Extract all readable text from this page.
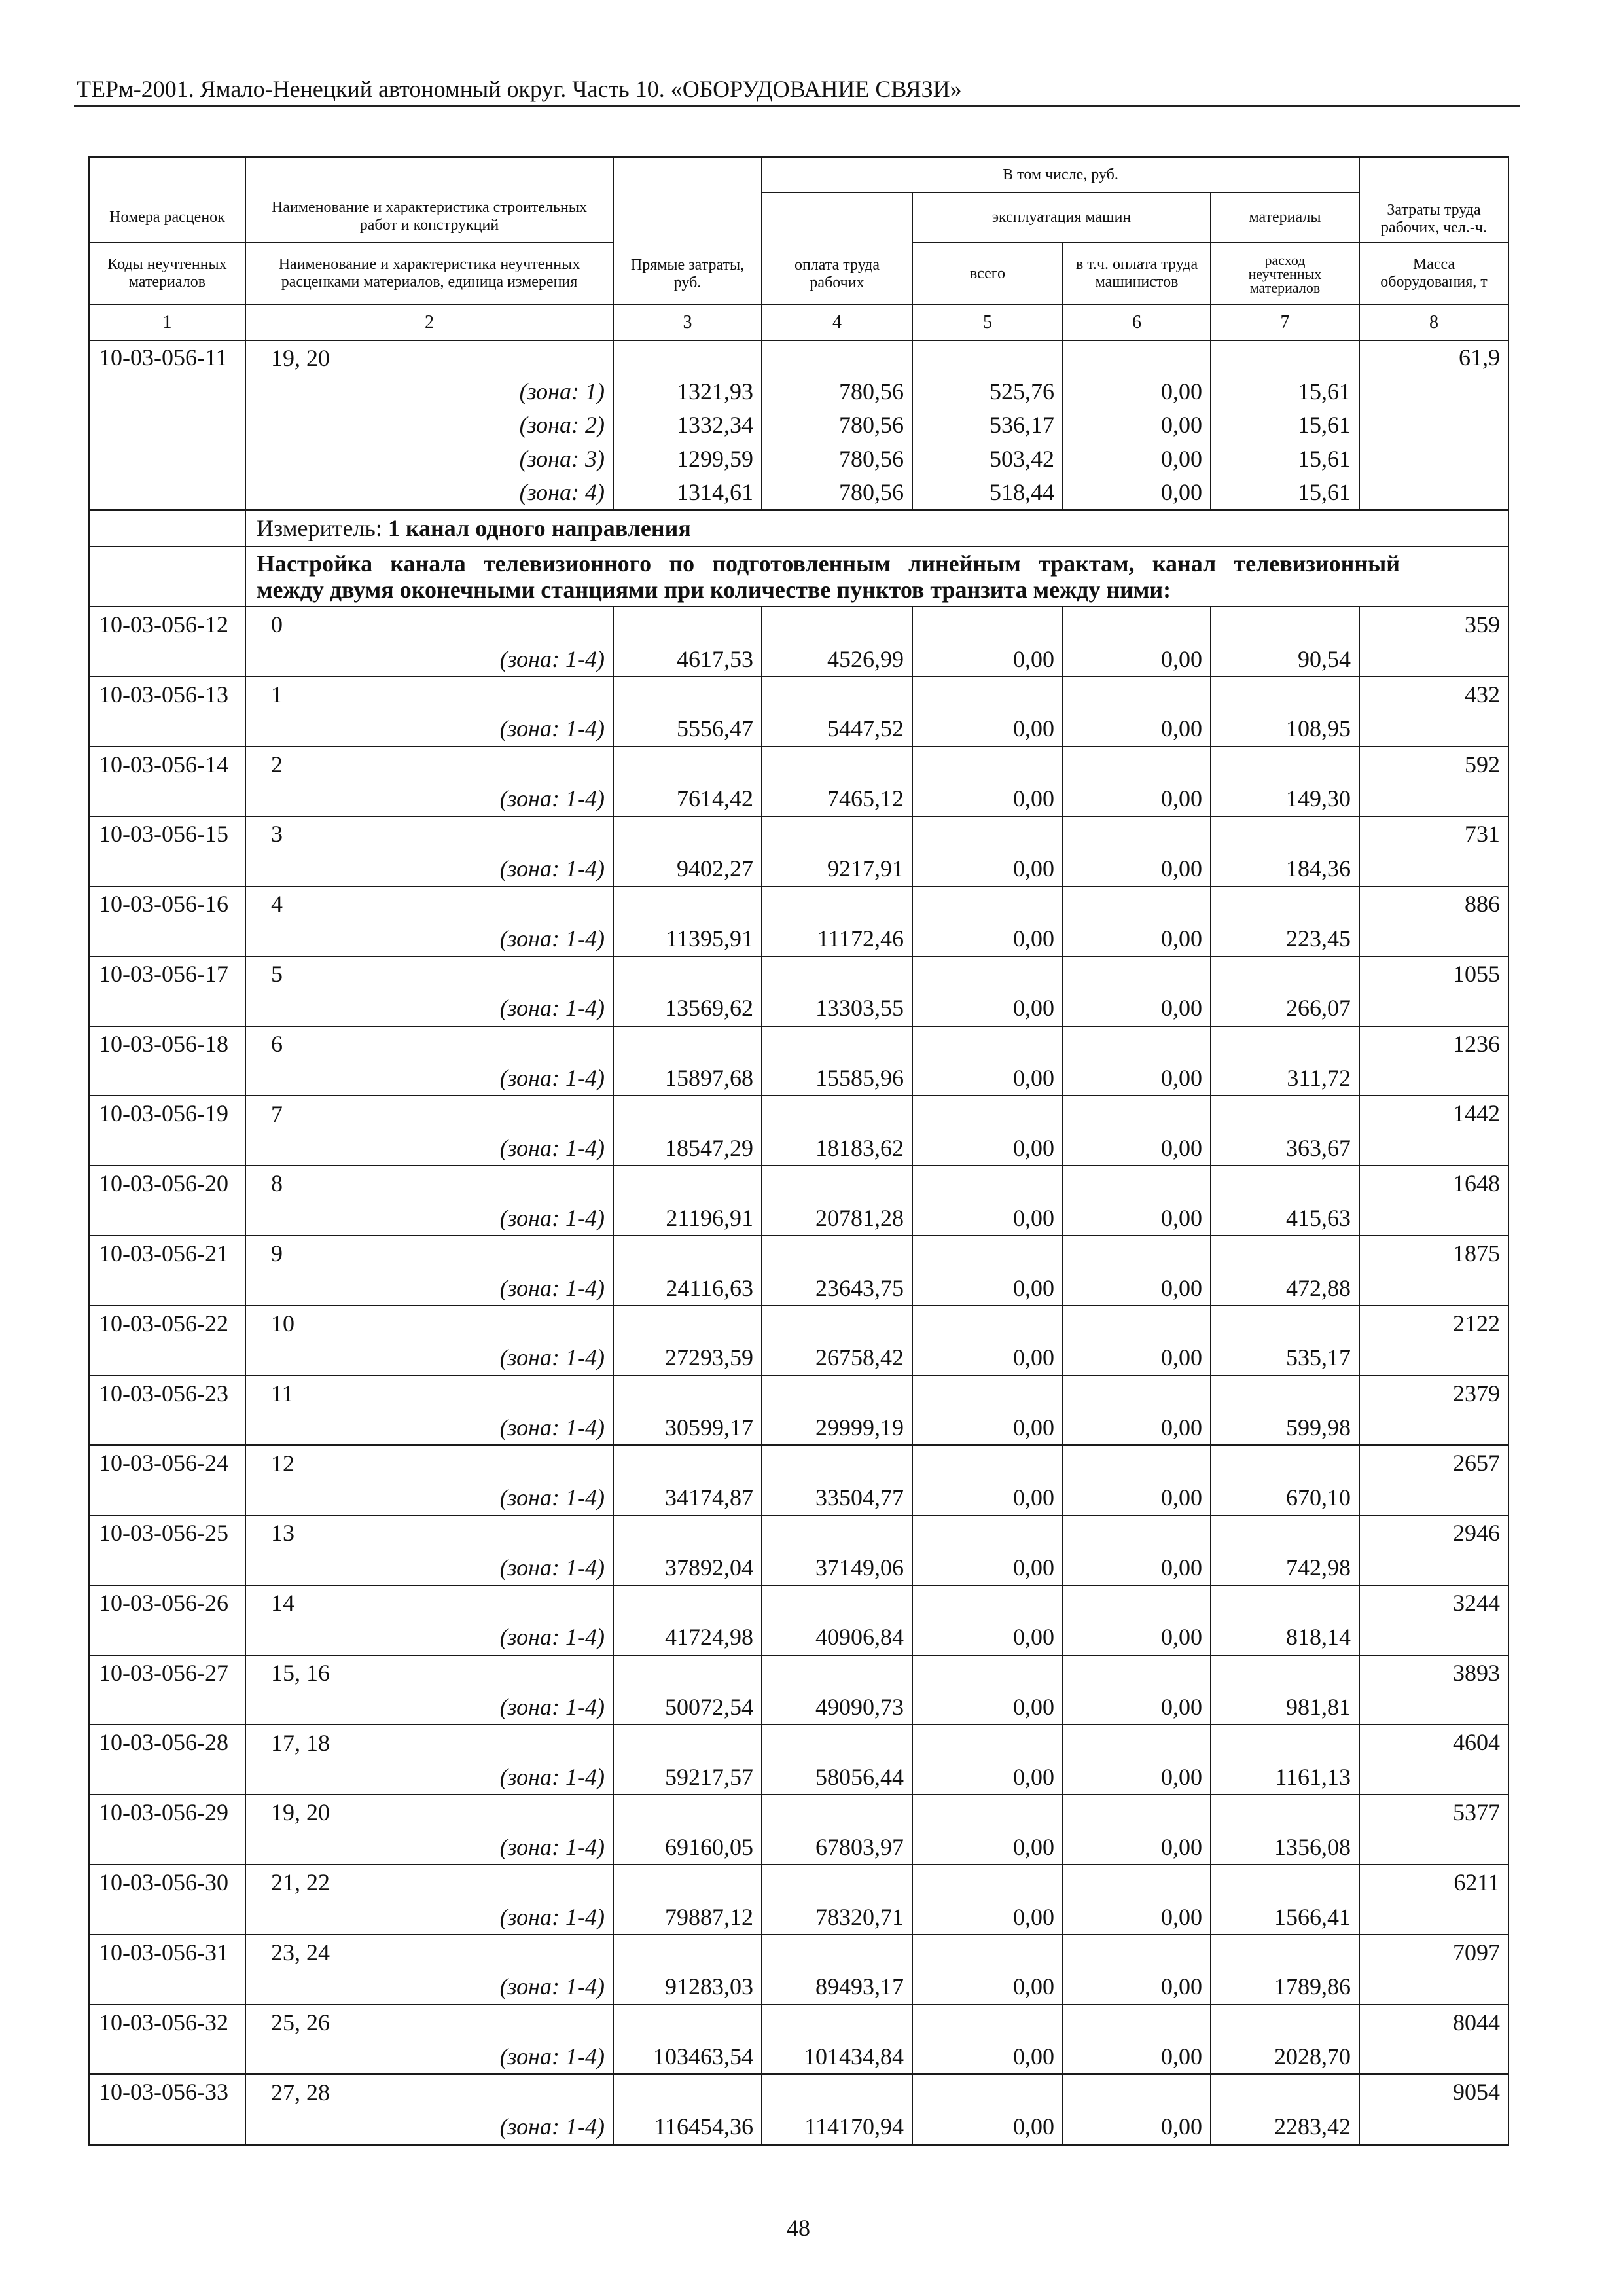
ТЕРм-2001. Ямало-Ненецкий автономный округ. Часть 10. «ОБОРУДОВАНИЕ СВЯЗИ»
Номера расценок	Наименование и характеристика строительных работ и конструкций	Прямые затраты, руб.	В том числе, руб.				Затраты труда рабочих, чел.-ч.
			оплата труда рабочих	эксплуатация машин		материалы	
Коды неучтенных материалов	Наименование и характеристика неучтенных расценками материалов, единица измерения			всего	в т.ч. оплата труда машинистов	расход неучтенных материалов	Масса оборудования, т
1	2	3	4	5	6	7	8
10-03-056-11	19, 20						61,9
	(зона: 1)	1321,93	780,56	525,76	0,00	15,61	
	(зона: 2)	1332,34	780,56	536,17	0,00	15,61	
	(зона: 3)	1299,59	780,56	503,42	0,00	15,61	
	(зона: 4)	1314,61	780,56	518,44	0,00	15,61	
	Измеритель: 1 канал одного направления						

	Настройка канала телевизионного по подготовленным линейным трактам, канал телевизионный
между двумя оконечными станциями при количестве пунктов транзита между ними:						

10-03-056-12	0						359
	(зона: 1-4)	4617,53	4526,99	0,00	0,00	90,54	
10-03-056-13	1						432
	(зона: 1-4)	5556,47	5447,52	0,00	0,00	108,95	
10-03-056-14	2						592
	(зона: 1-4)	7614,42	7465,12	0,00	0,00	149,30	
10-03-056-15	3						731
	(зона: 1-4)	9402,27	9217,91	0,00	0,00	184,36	
10-03-056-16	4						886
	(зона: 1-4)	11395,91	11172,46	0,00	0,00	223,45	
10-03-056-17	5						1055
	(зона: 1-4)	13569,62	13303,55	0,00	0,00	266,07	
10-03-056-18	6						1236
	(зона: 1-4)	15897,68	15585,96	0,00	0,00	311,72	
10-03-056-19	7						1442
	(зона: 1-4)	18547,29	18183,62	0,00	0,00	363,67	
10-03-056-20	8						1648
	(зона: 1-4)	21196,91	20781,28	0,00	0,00	415,63	
10-03-056-21	9						1875
	(зона: 1-4)	24116,63	23643,75	0,00	0,00	472,88	
10-03-056-22	10						2122
	(зона: 1-4)	27293,59	26758,42	0,00	0,00	535,17	
10-03-056-23	11						2379
	(зона: 1-4)	30599,17	29999,19	0,00	0,00	599,98	
10-03-056-24	12						2657
	(зона: 1-4)	34174,87	33504,77	0,00	0,00	670,10	
10-03-056-25	13						2946
	(зона: 1-4)	37892,04	37149,06	0,00	0,00	742,98	
10-03-056-26	14						3244
	(зона: 1-4)	41724,98	40906,84	0,00	0,00	818,14	
10-03-056-27	15, 16						3893
	(зона: 1-4)	50072,54	49090,73	0,00	0,00	981,81	
10-03-056-28	17, 18						4604
	(зона: 1-4)	59217,57	58056,44	0,00	0,00	1161,13	
10-03-056-29	19, 20						5377
	(зона: 1-4)	69160,05	67803,97	0,00	0,00	1356,08	
10-03-056-30	21, 22						6211
	(зона: 1-4)	79887,12	78320,71	0,00	0,00	1566,41	
10-03-056-31	23, 24						7097
	(зона: 1-4)	91283,03	89493,17	0,00	0,00	1789,86	
10-03-056-32	25, 26						8044
	(зона: 1-4)	103463,54	101434,84	0,00	0,00	2028,70	
10-03-056-33	27, 28						9054
	(зона: 1-4)	116454,36	114170,94	0,00	0,00	2283,42	
48
